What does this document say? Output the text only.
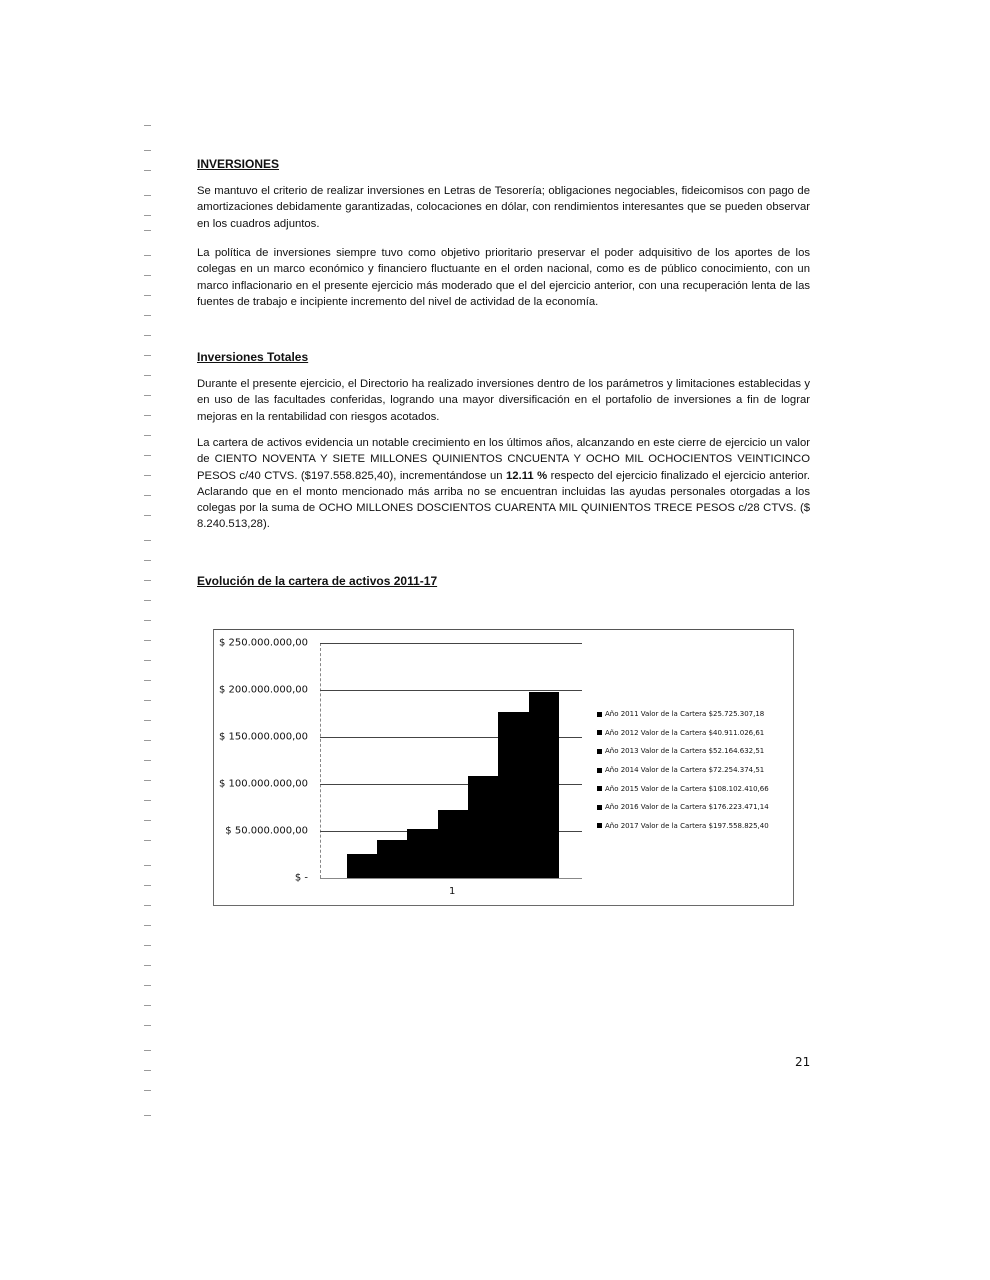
INVERSIONES

Se mantuvo el criterio de realizar inversiones en Letras de Tesorería; obligaciones negociables, fideicomisos con pago de amortizaciones debidamente garantizadas, colocaciones en dólar, con rendimientos interesantes que se pueden observar en los cuadros adjuntos.

La política de inversiones siempre tuvo como objetivo prioritario preservar el poder adquisitivo de los aportes de los colegas en un marco económico y financiero fluctuante en el orden nacional, como es de público conocimiento, con un marco inflacionario en el presente ejercicio más moderado que el del ejercicio anterior, con una recuperación lenta de las fuentes de trabajo e incipiente incremento del nivel de actividad de la economía.

Inversiones Totales

Durante el presente ejercicio, el Directorio ha realizado inversiones dentro de los parámetros y limitaciones establecidas y en uso de las facultades conferidas, logrando una mayor diversificación en el portafolio de inversiones a fin de lograr mejoras en la rentabilidad con riesgos acotados.

La cartera de activos evidencia un notable crecimiento en los últimos años, alcanzando en este cierre de ejercicio un valor de CIENTO NOVENTA Y SIETE MILLONES QUINIENTOS CNCUENTA Y OCHO MIL OCHOCIENTOS VEINTICINCO PESOS c/40 CTVS. ($197.558.825,40), incrementándose un 12.11 % respecto del ejercicio finalizado el ejercicio anterior. Aclarando que en el monto mencionado más arriba no se encuentran incluidas las ayudas personales otorgadas a los colegas por la suma de OCHO MILLONES DOSCIENTOS CUARENTA MIL QUINIENTOS TRECE PESOS c/28 CTVS. ($ 8.240.513,28).

Evolución de la cartera de activos 2011-17
$ 250.000.000,00
$ 200.000.000,00
$ 150.000.000,00
$ 100.000.000,00
$ 50.000.000,00
$ -
1
Año 2011 Valor de la Cartera $25.725.307,18
Año 2012 Valor de la Cartera $40.911.026,61
Año 2013 Valor de la Cartera $52.164.632,51
Año 2014 Valor de la Cartera $72.254.374,51
Año 2015 Valor de la Cartera $108.102.410,66
Año 2016 Valor de la Cartera $176.223.471,14
Año 2017 Valor de la Cartera $197.558.825,40
21
